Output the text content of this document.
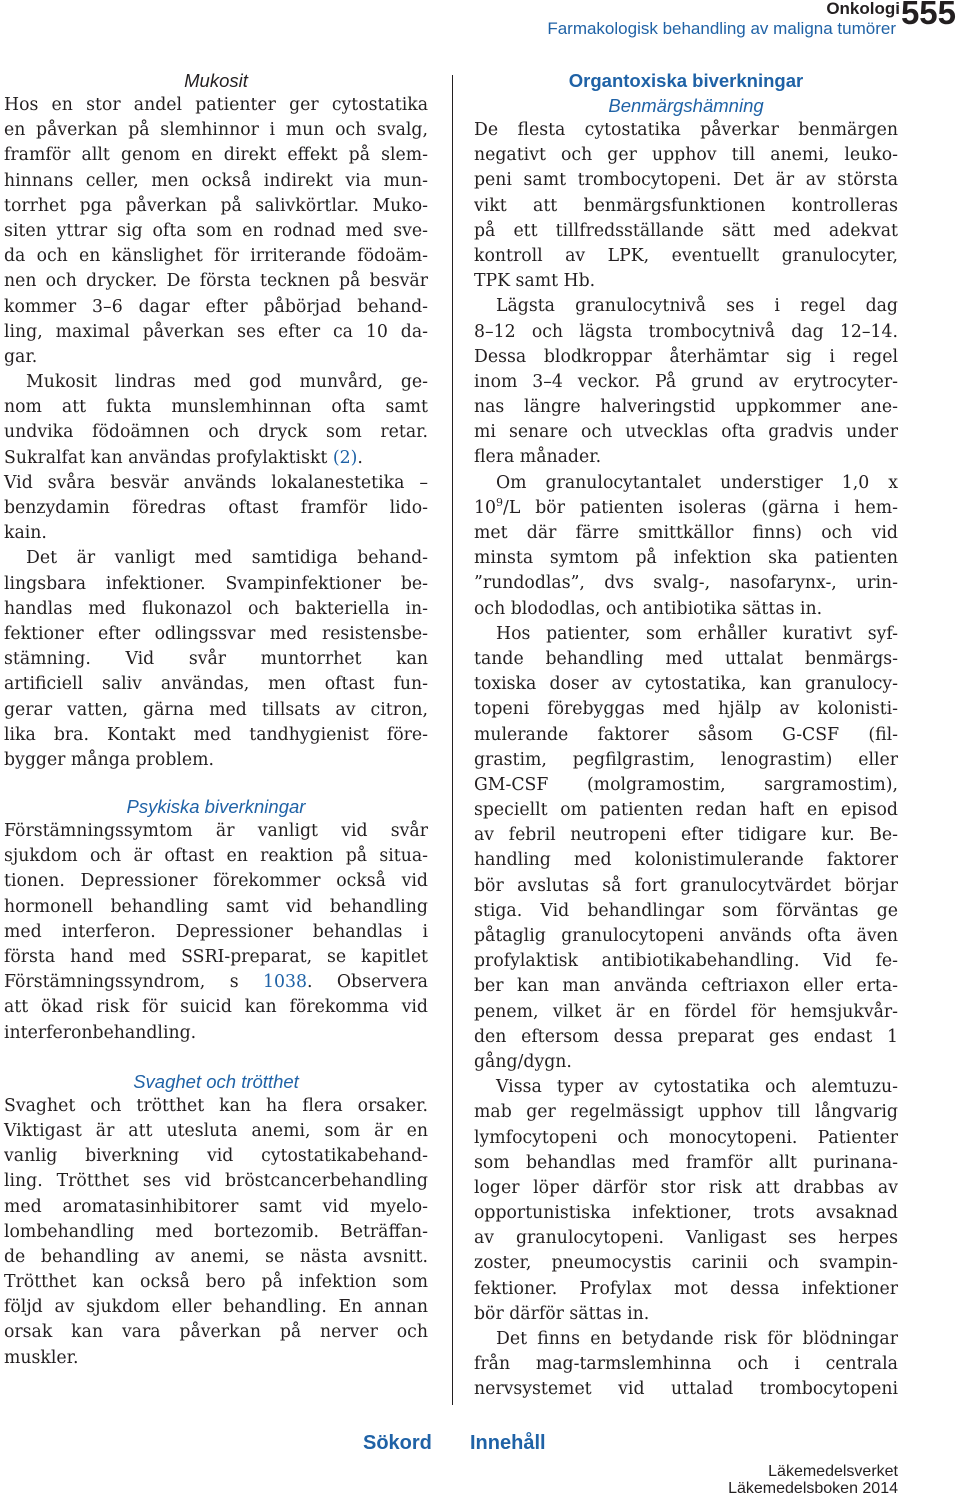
Onkologi
Farmakologisk behandling av maligna tumörer 555
Mukosit
Hos en stor andel patienter ger cytostatika
en påverkan på slemhinnor i mun och svalg,
framför allt genom en direkt effekt på slem-
hinnans celler, men också indirekt via mun-
torrhet pga påverkan på salivkörtlar. Muko-
siten yttrar sig ofta som en rodnad med sve-
da och en känslighet för irriterande födoäm-
nen och drycker. De första tecknen på besvär
kommer 3–6 dagar efter påbörjad behand-
ling, maximal påverkan ses efter ca 10 da-
gar.
Mukosit lindras med god munvård, ge-
nom att fukta munslemhinnan ofta samt
undvika födoämnen och dryck som retar.
Sukralfat kan användas profylaktiskt (2).
Vid svåra besvär används lokalanestetika –
benzydamin föredras oftast framför lido-
kain.
Det är vanligt med samtidiga behand-
lingsbara infektioner. Svampinfektioner be-
handlas med flukonazol och bakteriella in-
fektioner efter odlingssvar med resistensbe-
stämning. Vid svår muntorrhet kan
artificiell saliv användas, men oftast fun-
gerar vatten, gärna med tillsats av citron,
lika bra. Kontakt med tandhygienist före-
bygger många problem.
Psykiska biverkningar
Förstämningssymtom är vanligt vid svår
sjukdom och är oftast en reaktion på situa-
tionen. Depressioner förekommer också vid
hormonell behandling samt vid behandling
med interferon. Depressioner behandlas i
första hand med SSRI-preparat, se kapitlet
Förstämningssyndrom, s 1038. Observera
att ökad risk för suicid kan förekomma vid
interferonbehandling.
Svaghet och trötthet
Svaghet och trötthet kan ha flera orsaker.
Viktigast är att utesluta anemi, som är en
vanlig biverkning vid cytostatikabehand-
ling. Trötthet ses vid bröstcancerbehandling
med aromatasinhibitorer samt vid myelo-
lombehandling med bortezomib. Beträffan-
de behandling av anemi, se nästa avsnitt.
Trötthet kan också bero på infektion som
följd av sjukdom eller behandling. En annan
orsak kan vara påverkan på nerver och
muskler.
Organtoxiska biverkningar
Benmärgshämning
De flesta cytostatika påverkar benmärgen
negativt och ger upphov till anemi, leuko-
peni samt trombocytopeni. Det är av största
vikt att benmärgsfunktionen kontrolleras
på ett tillfredsställande sätt med adekvat
kontroll av LPK, eventuellt granulocyter,
TPK samt Hb.
Lägsta granulocytnivå ses i regel dag
8–12 och lägsta trombocytnivå dag 12–14.
Dessa blodkroppar återhämtar sig i regel
inom 3–4 veckor. På grund av erytrocyter-
nas längre halveringstid uppkommer ane-
mi senare och utvecklas ofta gradvis under
flera månader.
Om granulocytantalet understiger 1,0 x
$10^9/L$ bör patienten isoleras (gärna i hem-
met där färre smittkällor finns) och vid
minsta symtom på infektion ska patienten
”rundodlas”, dvs svalg-, nasofarynx-, urin-
och blododlas, och antibiotika sättas in.
Hos patienter, som erhåller kurativt syf-
tande behandling med uttalat benmärgs-
toxiska doser av cytostatika, kan granulocy-
topeni förebyggas med hjälp av kolonisti-
mulerande faktorer såsom G-CSF (fil-
grastim, pegfilgrastim, lenograstim) eller
GM-CSF (molgramostim, sargramostim),
speciellt om patienten redan haft en episod
av febril neutropeni efter tidigare kur. Be-
handling med kolonistimulerande faktorer
bör avslutas så fort granulocytvärdet börjar
stiga. Vid behandlingar som förväntas ge
påtaglig granulocytopeni används ofta även
profylaktisk antibiotikabehandling. Vid fe-
ber kan man använda ceftriaxon eller erta-
penem, vilket är en fördel för hemsjukvår-
den eftersom dessa preparat ges endast 1
gång/dygn.
Vissa typer av cytostatika och alemtuzu-
mab ger regelmässigt upphov till långvarig
lymfocytopeni och monocytopeni. Patienter
som behandlas med framför allt purinana-
loger löper därför stor risk att drabbas av
opportunistiska infektioner, trots avsaknad
av granulocytopeni. Vanligast ses herpes
zoster, pneumocystis carinii och svampin-
fektioner. Profylax mot dessa infektioner
bör därför sättas in.
Det finns en betydande risk för blödningar
från mag-tarmslemhinna och i centrala
nervsystemet vid uttalad trombocytopeni
Sökord Innehåll
Läkemedelsverket
Läkemedelsboken 2014
